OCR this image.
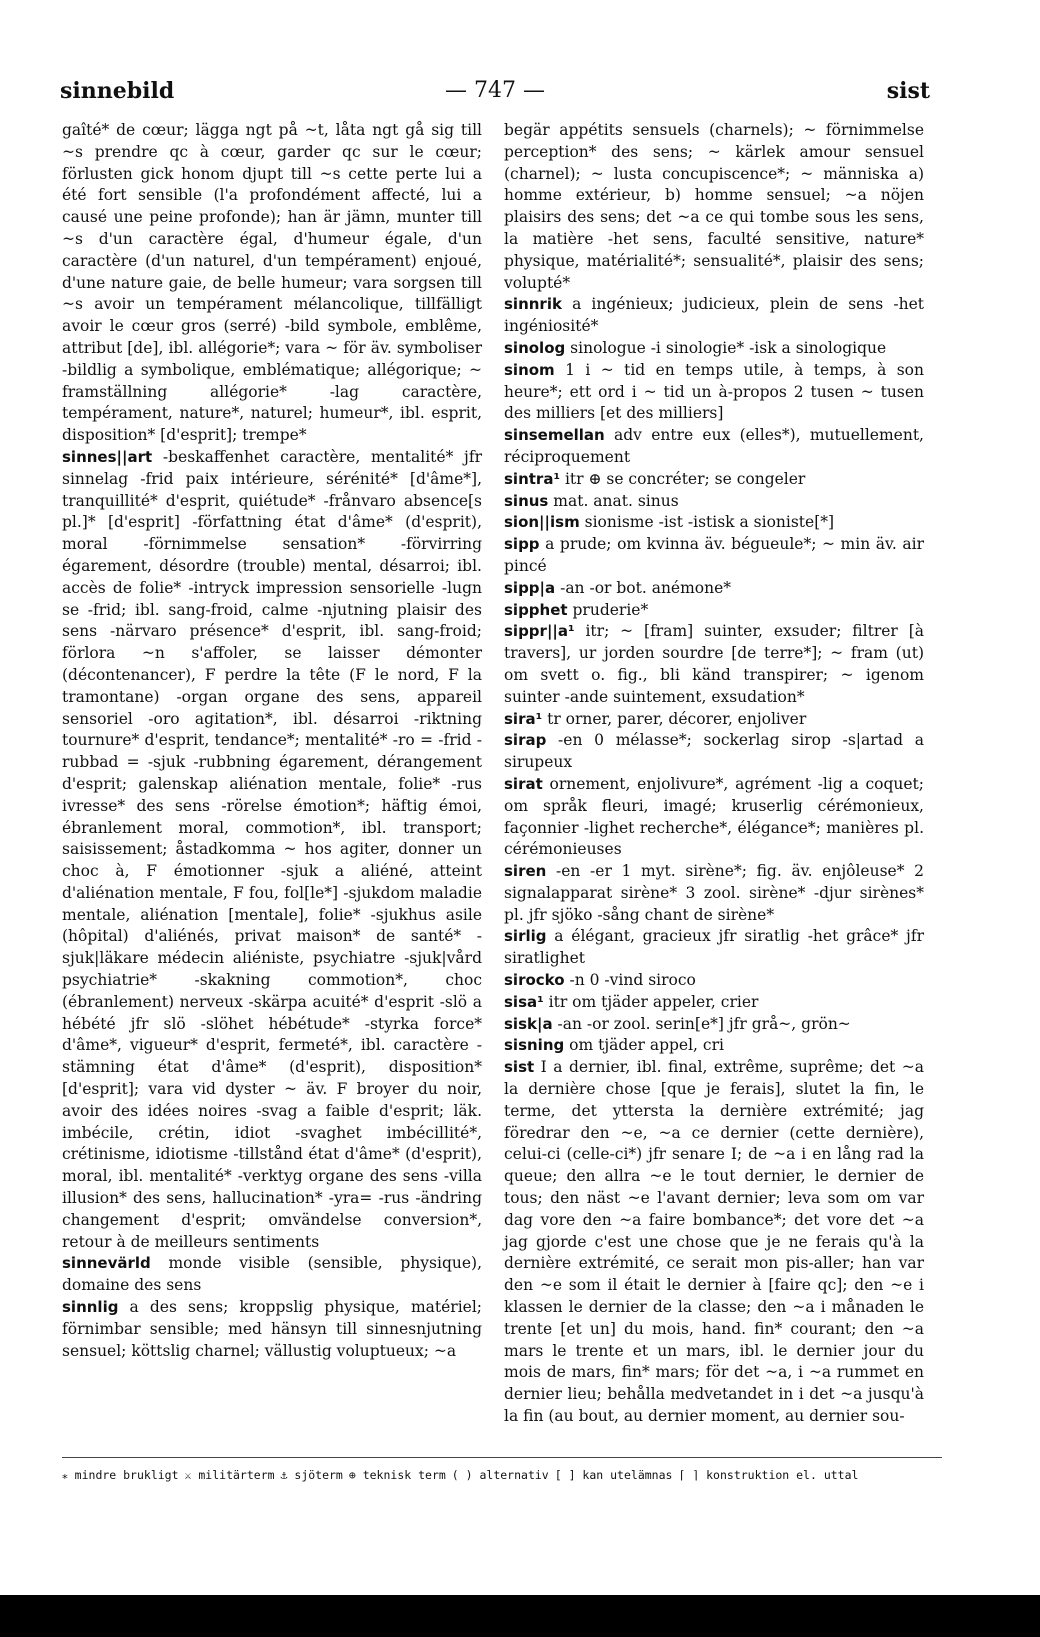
sinnebild	— 747 —	sist

gaîté* de cœur; lägga ngt på ~t, låta ngt gå sig till ~s prendre qc à cœur, garder qc sur le cœur; förlusten gick honom djupt till ~s cette perte lui a été fort sensible (l'a profondément affecté, lui a causé une peine profonde); han är jämn, munter till ~s d'un caractère égal, d'humeur égale, d'un caractère (d'un naturel, d'un tempérament) enjoué, d'une nature gaie, de belle humeur; vara sorgsen till ~s avoir un tempérament mélancolique, tillfälligt avoir le cœur gros (serré) -bild symbole, emblême, attribut [de], ibl. allégorie*; vara ~ för äv. symboliser -bildlig a symbolique, emblématique; allégorique; ~ framställning allégorie* -lag caractère, tempérament, nature*, naturel; humeur*, ibl. esprit, disposition* [d'esprit]; trempe*

sinnes||art -beskaffenhet caractère, mentalité* jfr sinnelag -frid paix intérieure, sérénité* [d'âme*], tranquillité* d'esprit, quiétude* -frånvaro absence[s pl.]* [d'esprit] -författning état d'âme* (d'esprit), moral -förnimmelse sensation* -förvirring égarement, désordre (trouble) mental, désarroi; ibl. accès de folie* -intryck impression sensorielle -lugn se -frid; ibl. sang-froid, calme -njutning plaisir des sens -närvaro présence* d'esprit, ibl. sang-froid; förlora ~n s'affoler, se laisser démonter (décontenancer), F perdre la tête (F le nord, F la tramontane) -organ organe des sens, appareil sensoriel -oro agitation*, ibl. désarroi -riktning tournure* d'esprit, tendance*; mentalité* -ro = -frid -rubbad = -sjuk -rubbning égarement, dérangement d'esprit; galenskap aliénation mentale, folie* -rus ivresse* des sens -rörelse émotion*; häftig émoi, ébranlement moral, commotion*, ibl. transport; saisissement; åstadkomma ~ hos agiter, donner un choc à, F émotionner -sjuk a aliéné, atteint d'aliénation mentale, F fou, fol[le*] -sjukdom maladie mentale, aliénation [mentale], folie* -sjukhus asile (hôpital) d'aliénés, privat maison* de santé* -sjuk|läkare médecin aliéniste, psychiatre -sjuk|vård psychiatrie* -skakning commotion*, choc (ébranlement) nerveux -skärpa acuité* d'esprit -slö a hébété jfr slö -slöhet hébétude* -styrka force* d'âme*, vigueur* d'esprit, fermeté*, ibl. caractère -stämning état d'âme* (d'esprit), disposition* [d'esprit]; vara vid dyster ~ äv. F broyer du noir, avoir des idées noires -svag a faible d'esprit; läk. imbécile, crétin, idiot -svaghet imbécillité*, crétinisme, idiotisme -tillstånd état d'âme* (d'esprit), moral, ibl. mentalité* -verktyg organe des sens -villa illusion* des sens, hallucination* -yra= -rus -ändring changement d'esprit; omvändelse conversion*, retour à de meilleurs sentiments

sinnevärld monde visible (sensible, physique), domaine des sens

sinnlig a des sens; kroppslig physique, matériel; förnimbar sensible; med hänsyn till sinnesnjutning sensuel; köttslig charnel; vällustig voluptueux; ~a

begär appétits sensuels (charnels); ~ förnimmelse perception* des sens; ~ kärlek amour sensuel (charnel); ~ lusta concupiscence*; ~ människa a) homme extérieur, b) homme sensuel; ~a nöjen plaisirs des sens; det ~a ce qui tombe sous les sens, la matière -het sens, faculté sensitive, nature* physique, matérialité*; sensualité*, plaisir des sens; volupté*

sinnrik a ingénieux; judicieux, plein de sens -het ingéniosité*

sinolog sinologue -i sinologie* -isk a sinologique

sinom 1 i ~ tid en temps utile, à temps, à son heure*; ett ord i ~ tid un à-propos 2 tusen ~ tusen des milliers [et des milliers]

sinsemellan adv entre eux (elles*), mutuellement, réciproquement

sintra¹ itr ⊕ se concréter; se congeler

sinus mat. anat. sinus

sion||ism sionisme -ist -istisk a sioniste[*]

sipp a prude; om kvinna äv. bégueule*; ~ min äv. air pincé

sipp|a -an -or bot. anémone*

sipphet pruderie*

sippr||a¹ itr; ~ [fram] suinter, exsuder; filtrer [à travers], ur jorden sourdre [de terre*]; ~ fram (ut) om svett o. fig., bli känd transpirer; ~ igenom suinter -ande suintement, exsudation*

sira¹ tr orner, parer, décorer, enjoliver

sirap -en 0 mélasse*; sockerlag sirop -s|artad a sirupeux

sirat ornement, enjolivure*, agrément -lig a coquet; om språk fleuri, imagé; kruserlig cérémonieux, façonnier -lighet recherche*, élégance*; manières pl. cérémonieuses

siren -en -er 1 myt. sirène*; fig. äv. enjôleuse* 2 signalapparat sirène* 3 zool. sirène* -djur sirènes* pl. jfr sjöko -sång chant de sirène*

sirlig a élégant, gracieux jfr siratlig -het grâce* jfr siratlighet

sirocko -n 0 -vind siroco

sisa¹ itr om tjäder appeler, crier

sisk|a -an -or zool. serin[e*] jfr grå~, grön~

sisning om tjäder appel, cri

sist I a dernier, ibl. final, extrême, suprême; det ~a la dernière chose [que je ferais], slutet la fin, le terme, det yttersta la dernière extrémité; jag föredrar den ~e, ~a ce dernier (cette dernière), celui-ci (celle-ci*) jfr senare I; de ~a i en lång rad la queue; den allra ~e le tout dernier, le dernier de tous; den näst ~e l'avant dernier; leva som om var dag vore den ~a faire bombance*; det vore det ~a jag gjorde c'est une chose que je ne ferais qu'à la dernière extrémité, ce serait mon pis-aller; han var den ~e som il était le dernier à [faire qc]; den ~e i klassen le dernier de la classe; den ~a i månaden le trente [et un] du mois, hand. fin* courant; den ~a mars le trente et un mars, ibl. le dernier jour du mois de mars, fin* mars; för det ~a, i ~a rummet en dernier lieu; behålla medvetandet in i det ~a jusqu'à la fin (au bout, au dernier moment, au dernier sou-

⁎ mindre brukligt ⚔ militärterm ⚓ sjöterm ⊕ teknisk term ( ) alternativ [ ] kan utelämnas ⌈ ⌉ konstruktion el. uttal
